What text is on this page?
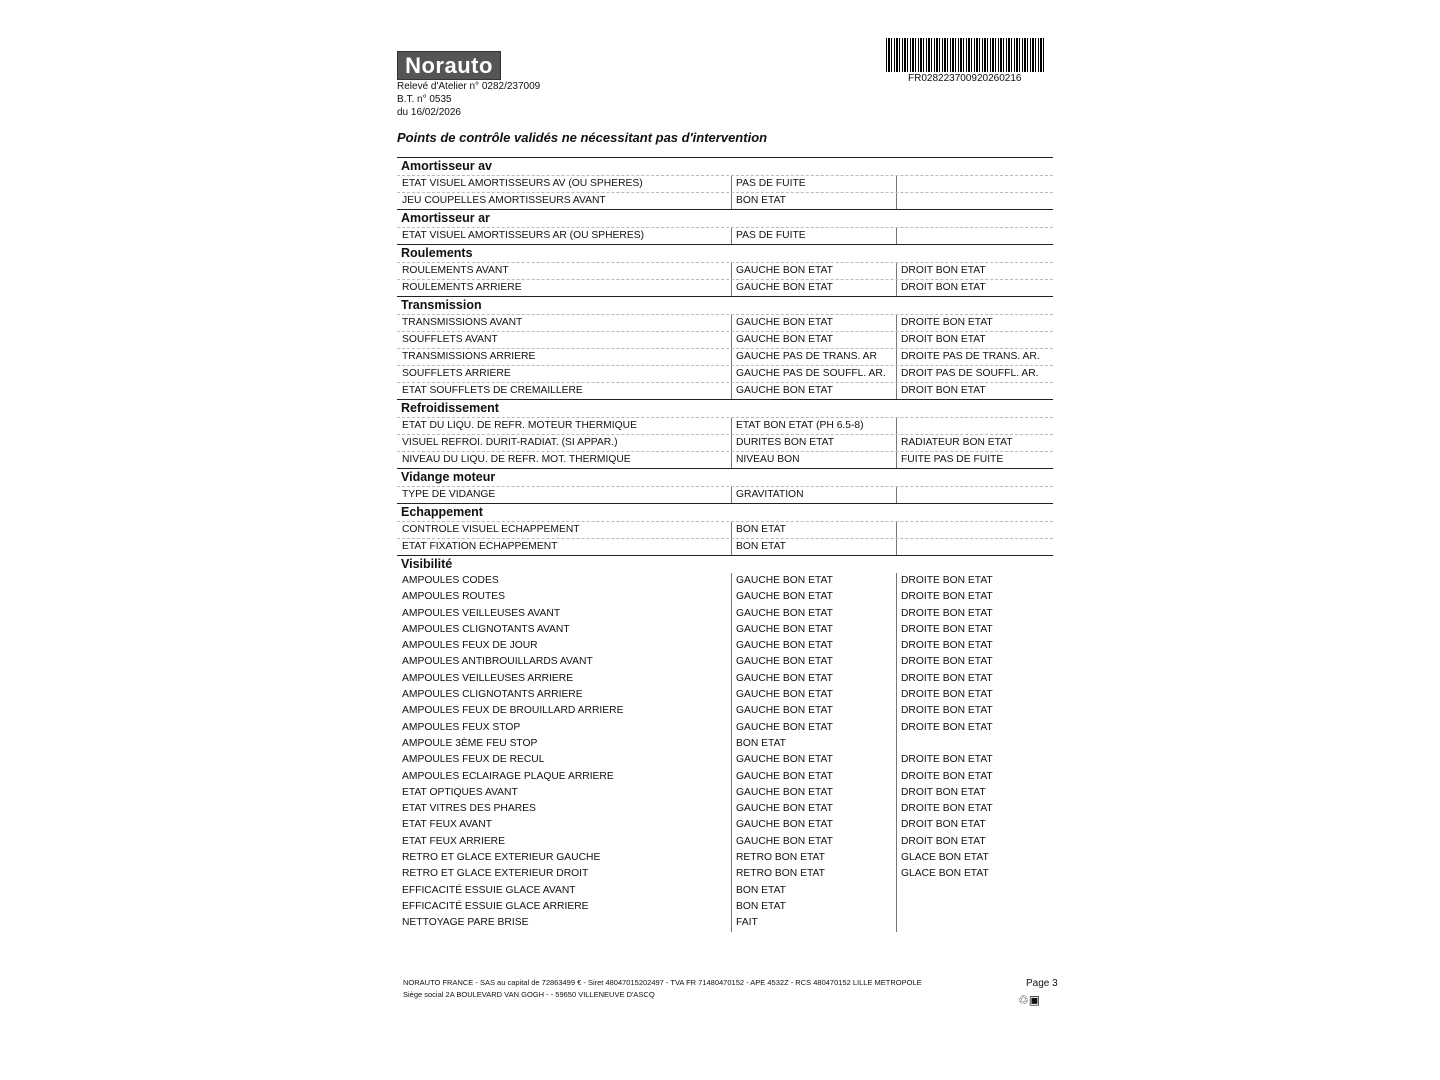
Norauto
Relevé d'Atelier n° 0282/237009
B.T. n° 0535
du 16/02/2026
FR028223700920260216
Points de contrôle validés ne nécessitant pas d'intervention
Amortisseur av
ETAT VISUEL AMORTISSEURS AV (OU SPHERES)	PAS DE FUITE
JEU COUPELLES AMORTISSEURS AVANT	BON ETAT
Amortisseur ar
ETAT VISUEL AMORTISSEURS AR (OU SPHERES)	PAS DE FUITE
Roulements
ROULEMENTS AVANT	GAUCHE BON ETAT	DROIT BON ETAT
ROULEMENTS ARRIERE	GAUCHE BON ETAT	DROIT BON ETAT
Transmission
TRANSMISSIONS AVANT	GAUCHE BON ETAT	DROITE BON ETAT
SOUFFLETS AVANT	GAUCHE BON ETAT	DROIT BON ETAT
TRANSMISSIONS ARRIERE	GAUCHE PAS DE TRANS. AR	DROITE PAS DE TRANS. AR.
SOUFFLETS ARRIERE	GAUCHE PAS DE SOUFFL. AR.	DROIT PAS DE SOUFFL. AR.
ETAT SOUFFLETS DE CREMAILLERE	GAUCHE BON ETAT	DROIT BON ETAT
Refroidissement
ETAT DU LIQU. DE REFR. MOTEUR THERMIQUE	ETAT BON ETAT (PH 6.5-8)
VISUEL REFROI. DURIT-RADIAT. (SI APPAR.)	DURITES BON ETAT	RADIATEUR BON ETAT
NIVEAU DU LIQU. DE REFR. MOT. THERMIQUE	NIVEAU BON	FUITE PAS DE FUITE
Vidange moteur
TYPE DE VIDANGE	GRAVITATION
Echappement
CONTROLE VISUEL ECHAPPEMENT	BON ETAT
ETAT FIXATION ECHAPPEMENT	BON ETAT
Visibilité
AMPOULES CODES	GAUCHE BON ETAT	DROITE BON ETAT
AMPOULES ROUTES	GAUCHE BON ETAT	DROITE BON ETAT
AMPOULES VEILLEUSES AVANT	GAUCHE BON ETAT	DROITE BON ETAT
AMPOULES CLIGNOTANTS AVANT	GAUCHE BON ETAT	DROITE BON ETAT
AMPOULES FEUX DE JOUR	GAUCHE BON ETAT	DROITE BON ETAT
AMPOULES ANTIBROUILLARDS AVANT	GAUCHE BON ETAT	DROITE BON ETAT
AMPOULES VEILLEUSES ARRIERE	GAUCHE BON ETAT	DROITE BON ETAT
AMPOULES CLIGNOTANTS ARRIERE	GAUCHE BON ETAT	DROITE BON ETAT
AMPOULES FEUX DE BROUILLARD ARRIERE	GAUCHE BON ETAT	DROITE BON ETAT
AMPOULES FEUX STOP	GAUCHE BON ETAT	DROITE BON ETAT
AMPOULE 3ÈME FEU STOP	BON ETAT
AMPOULES FEUX DE RECUL	GAUCHE BON ETAT	DROITE BON ETAT
AMPOULES ECLAIRAGE PLAQUE ARRIERE	GAUCHE BON ETAT	DROITE BON ETAT
ETAT OPTIQUES AVANT	GAUCHE BON ETAT	DROIT BON ETAT
ETAT VITRES DES PHARES	GAUCHE BON ETAT	DROITE BON ETAT
ETAT FEUX AVANT	GAUCHE BON ETAT	DROIT BON ETAT
ETAT FEUX ARRIERE	GAUCHE BON ETAT	DROIT BON ETAT
RETRO ET GLACE EXTERIEUR GAUCHE	RETRO BON ETAT	GLACE BON ETAT
RETRO ET GLACE EXTERIEUR DROIT	RETRO BON ETAT	GLACE BON ETAT
EFFICACITÉ ESSUIE GLACE AVANT	BON ETAT
EFFICACITÉ ESSUIE GLACE ARRIERE	BON ETAT
NETTOYAGE PARE BRISE	FAIT
NORAUTO FRANCE - SAS au capital de 72863499 € - Siret 48047015202497 - TVA FR 71480470152 - APE 4532Z - RCS 480470152 LILLE METROPOLE
Siège social 2A BOULEVARD VAN GOGH - - 59650 VILLENEUVE D'ASCQ
Page 3
♲▣
